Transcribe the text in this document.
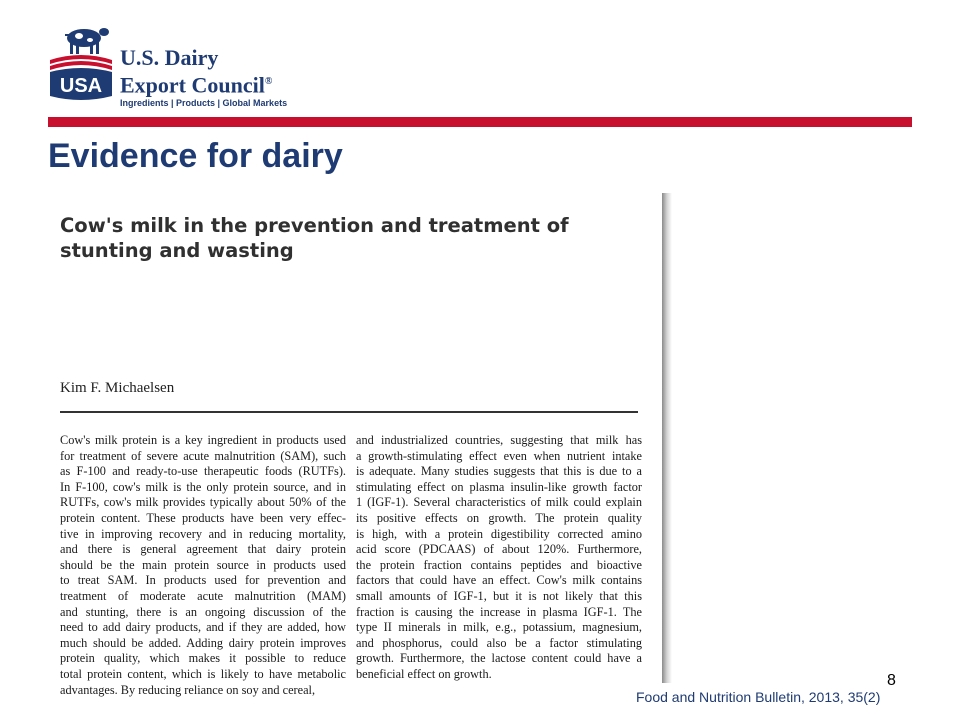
USA
U.S. Dairy
Export Council®
Ingredients | Products | Global Markets
Evidence for dairy
Cow's milk in the prevention and treatment of stunting and wasting
Kim F. Michaelsen
Cow's milk protein is a key ingredient in products used
for treatment of severe acute malnutrition (SAM), such
as F-100 and ready-to-use therapeutic foods (RUTFs).
In F-100, cow's milk is the only protein source, and in
RUTFs, cow's milk provides typically about 50% of the
protein content. These products have been very effec-
tive in improving recovery and in reducing mortality,
and there is general agreement that dairy protein
should be the main protein source in products used
to treat SAM. In products used for prevention and
treatment of moderate acute malnutrition (MAM)
and stunting, there is an ongoing discussion of the
need to add dairy products, and if they are added, how
much should be added. Adding dairy protein improves
protein quality, which makes it possible to reduce
total protein content, which is likely to have metabolic
advantages. By reducing reliance on soy and cereal,
and industrialized countries, suggesting that milk has
a growth-stimulating effect even when nutrient intake
is adequate. Many studies suggests that this is due to a
stimulating effect on plasma insulin-like growth factor
1 (IGF-1). Several characteristics of milk could explain
its positive effects on growth. The protein quality
is high, with a protein digestibility corrected amino
acid score (PDCAAS) of about 120%. Furthermore,
the protein fraction contains peptides and bioactive
factors that could have an effect. Cow's milk contains
small amounts of IGF-1, but it is not likely that this
fraction is causing the increase in plasma IGF-1. The
type II minerals in milk, e.g., potassium, magnesium,
and phosphorus, could also be a factor stimulating
growth. Furthermore, the lactose content could have a
beneficial effect on growth.	8
Food and Nutrition Bulletin, 2013, 35(2)
